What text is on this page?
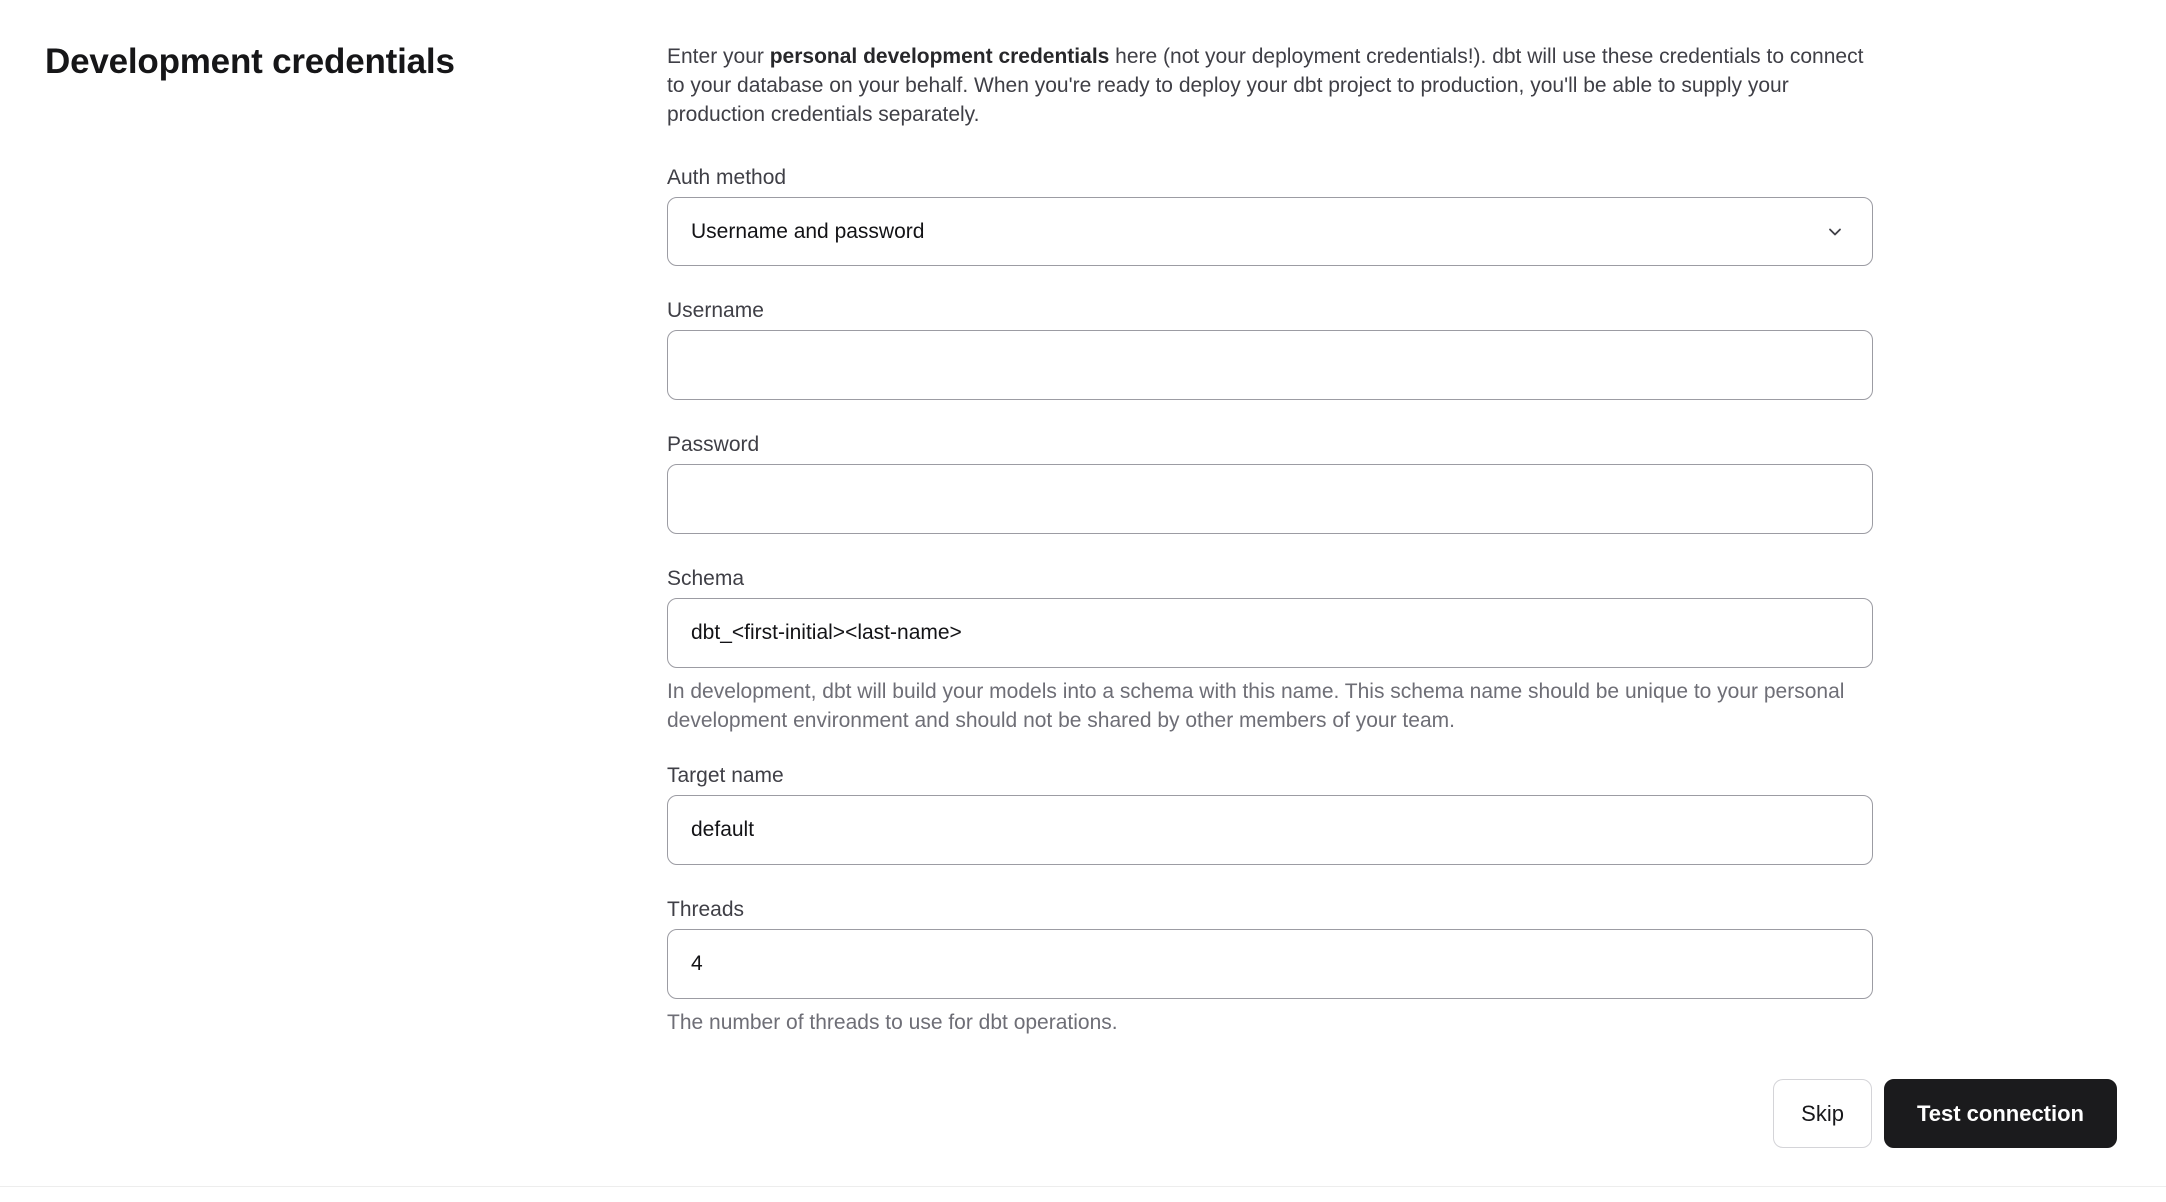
Development credentials	Enter your personal development credentials here (not your deployment credentials!). dbt will use these credentials to connect to your database on your behalf. When you're ready to deploy your dbt project to production, you'll be able to supply your production credentials separately.

Auth method
Username and password
Username
Password
Schema
dbt_<first-initial><last-name>

In development, dbt will build your models into a schema with this name. This schema name should be unique to your personal development environment and should not be shared by other members of your team.

Target name
default
Threads
4

The number of threads to use for dbt operations.

Skip	Test connection
